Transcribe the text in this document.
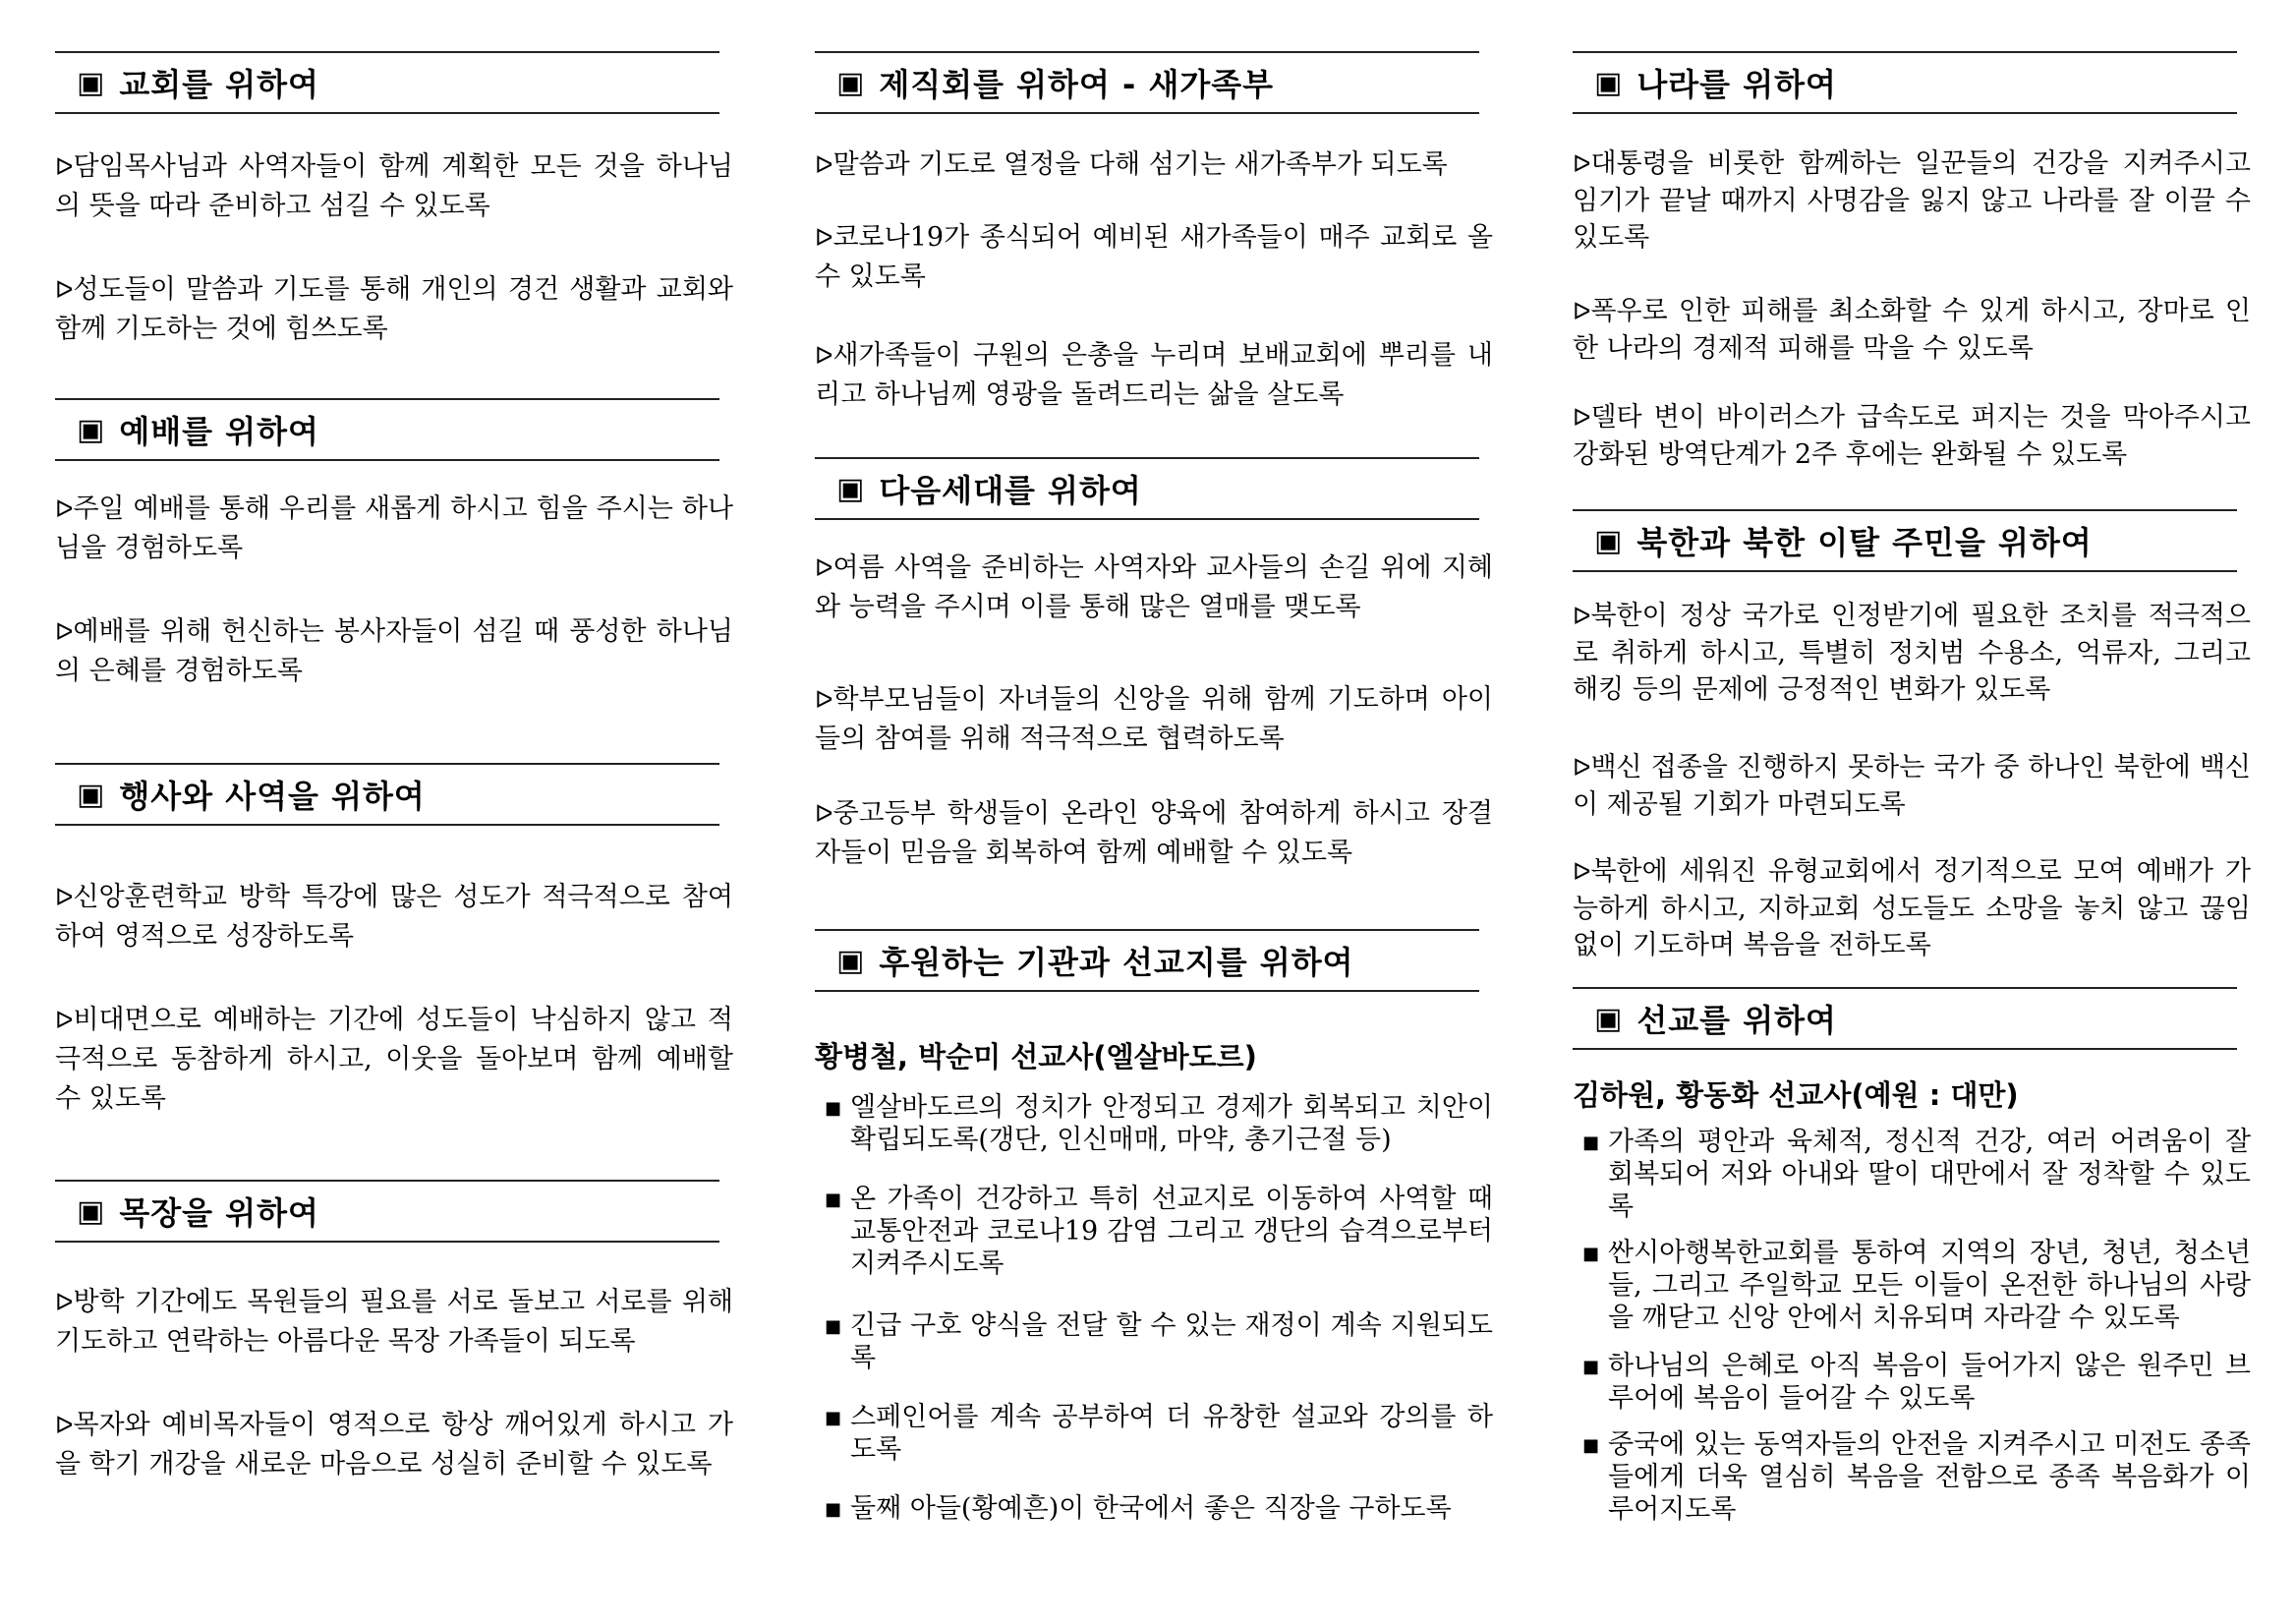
▣ 교회를 위하여
ᐅ담임목사님과 사역자들이 함께 계획한 모든 것을 하나님의 뜻을 따라 준비하고 섬길 수 있도록
ᐅ성도들이 말씀과 기도를 통해 개인의 경건 생활과 교회와 함께 기도하는 것에 힘쓰도록
▣ 예배를 위하여
ᐅ주일 예배를 통해 우리를 새롭게 하시고 힘을 주시는 하나님을 경험하도록
ᐅ예배를 위해 헌신하는 봉사자들이 섬길 때 풍성한 하나님의 은혜를 경험하도록
▣ 행사와 사역을 위하여
ᐅ신앙훈련학교 방학 특강에 많은 성도가 적극적으로 참여하여 영적으로 성장하도록
ᐅ비대면으로 예배하는 기간에 성도들이 낙심하지 않고 적극적으로 동참하게 하시고, 이웃을 돌아보며 함께 예배할 수 있도록
▣ 목장을 위하여
ᐅ방학 기간에도 목원들의 필요를 서로 돌보고 서로를 위해 기도하고 연락하는 아름다운 목장 가족들이 되도록
ᐅ목자와 예비목자들이 영적으로 항상 깨어있게 하시고 가을 학기 개강을 새로운 마음으로 성실히 준비할 수 있도록
▣ 제직회를 위하여 - 새가족부
ᐅ말씀과 기도로 열정을 다해 섬기는 새가족부가 되도록
ᐅ코로나19가 종식되어 예비된 새가족들이 매주 교회로 올 수 있도록
ᐅ새가족들이 구원의 은총을 누리며 보배교회에 뿌리를 내리고 하나님께 영광을 돌려드리는 삶을 살도록
▣ 다음세대를 위하여
ᐅ여름 사역을 준비하는 사역자와 교사들의 손길 위에 지혜와 능력을 주시며 이를 통해 많은 열매를 맺도록
ᐅ학부모님들이 자녀들의 신앙을 위해 함께 기도하며 아이들의 참여를 위해 적극적으로 협력하도록
ᐅ중고등부 학생들이 온라인 양육에 참여하게 하시고 장결자들이 믿음을 회복하여 함께 예배할 수 있도록
▣ 후원하는 기관과 선교지를 위하여
황병철, 박순미 선교사(엘살바도르)
■ 엘살바도르의 정치가 안정되고 경제가 회복되고 치안이 확립되도록(갱단, 인신매매, 마약, 총기근절 등)
■ 온 가족이 건강하고 특히 선교지로 이동하여 사역할 때 교통안전과 코로나19 감염 그리고 갱단의 습격으로부터 지켜주시도록
■ 긴급 구호 양식을 전달 할 수 있는 재정이 계속 지원되도록
■ 스페인어를 계속 공부하여 더 유창한 설교와 강의를 하도록
■ 둘째 아들(황예흔)이 한국에서 좋은 직장을 구하도록
▣ 나라를 위하여
ᐅ대통령을 비롯한 함께하는 일꾼들의 건강을 지켜주시고 임기가 끝날 때까지 사명감을 잃지 않고 나라를 잘 이끌 수 있도록
ᐅ폭우로 인한 피해를 최소화할 수 있게 하시고, 장마로 인한 나라의 경제적 피해를 막을 수 있도록
ᐅ델타 변이 바이러스가 급속도로 퍼지는 것을 막아주시고 강화된 방역단계가 2주 후에는 완화될 수 있도록
▣ 북한과 북한 이탈 주민을 위하여
ᐅ북한이 정상 국가로 인정받기에 필요한 조치를 적극적으로 취하게 하시고, 특별히 정치범 수용소, 억류자, 그리고 해킹 등의 문제에 긍정적인 변화가 있도록
ᐅ백신 접종을 진행하지 못하는 국가 중 하나인 북한에 백신이 제공될 기회가 마련되도록
ᐅ북한에 세워진 유형교회에서 정기적으로 모여 예배가 가능하게 하시고, 지하교회 성도들도 소망을 놓치 않고 끊임없이 기도하며 복음을 전하도록
▣ 선교를 위하여
김하원, 황동화 선교사(예원 : 대만)
■ 가족의 평안과 육체적, 정신적 건강, 여러 어려움이 잘 회복되어 저와 아내와 딸이 대만에서 잘 정착할 수 있도록
■ 싼시아행복한교회를 통하여 지역의 장년, 청년, 청소년들, 그리고 주일학교 모든 이들이 온전한 하나님의 사랑을 깨닫고 신앙 안에서 치유되며 자라갈 수 있도록
■ 하나님의 은혜로 아직 복음이 들어가지 않은 원주민 브루어에 복음이 들어갈 수 있도록
■ 중국에 있는 동역자들의 안전을 지켜주시고 미전도 종족들에게 더욱 열심히 복음을 전함으로 종족 복음화가 이루어지도록
